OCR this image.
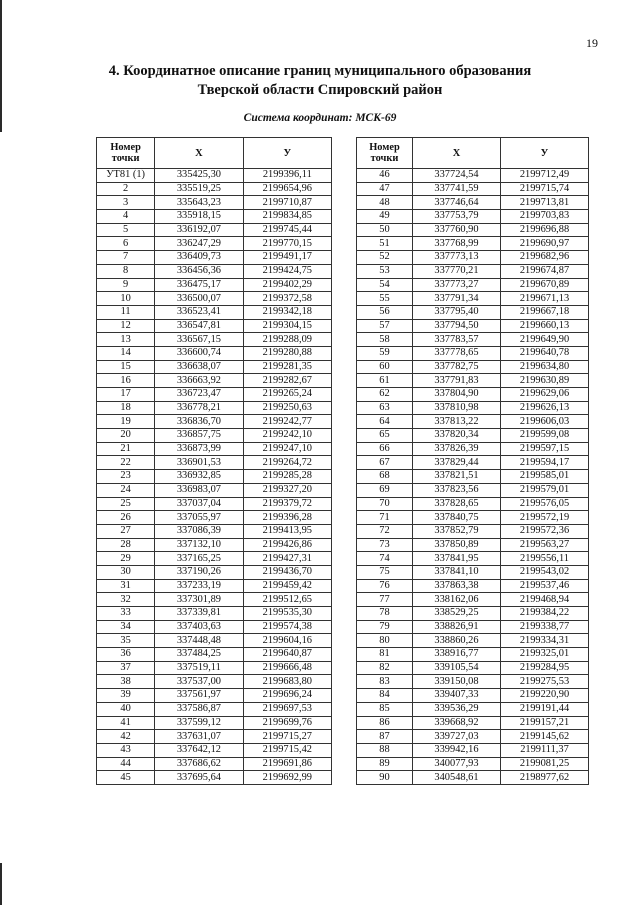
19
4. Координатное описание границ муниципального образования
Тверской области Спировский район
Система координат: МСК-69
Номер
точки	X	У
УТ81 (1)	335425,30	2199396,11
2	335519,25	2199654,96
3	335643,23	2199710,87
4	335918,15	2199834,85
5	336192,07	2199745,44
6	336247,29	2199770,15
7	336409,73	2199491,17
8	336456,36	2199424,75
9	336475,17	2199402,29
10	336500,07	2199372,58
11	336523,41	2199342,18
12	336547,81	2199304,15
13	336567,15	2199288,09
14	336600,74	2199280,88
15	336638,07	2199281,35
16	336663,92	2199282,67
17	336723,47	2199265,24
18	336778,21	2199250,63
19	336836,70	2199242,77
20	336857,75	2199242,10
21	336873,99	2199247,10
22	336901,53	2199264,72
23	336932,85	2199285,28
24	336983,07	2199327,20
25	337037,04	2199379,72
26	337055,97	2199396,28
27	337086,39	2199413,95
28	337132,10	2199426,86
29	337165,25	2199427,31
30	337190,26	2199436,70
31	337233,19	2199459,42
32	337301,89	2199512,65
33	337339,81	2199535,30
34	337403,63	2199574,38
35	337448,48	2199604,16
36	337484,25	2199640,87
37	337519,11	2199666,48
38	337537,00	2199683,80
39	337561,97	2199696,24
40	337586,87	2199697,53
41	337599,12	2199699,76
42	337631,07	2199715,27
43	337642,12	2199715,42
44	337686,62	2199691,86
45	337695,64	2199692,99
Номер
точки	X	У
46	337724,54	2199712,49
47	337741,59	2199715,74
48	337746,64	2199713,81
49	337753,79	2199703,83
50	337760,90	2199696,88
51	337768,99	2199690,97
52	337773,13	2199682,96
53	337770,21	2199674,87
54	337773,27	2199670,89
55	337791,34	2199671,13
56	337795,40	2199667,18
57	337794,50	2199660,13
58	337783,57	2199649,90
59	337778,65	2199640,78
60	337782,75	2199634,80
61	337791,83	2199630,89
62	337804,90	2199629,06
63	337810,98	2199626,13
64	337813,22	2199606,03
65	337820,34	2199599,08
66	337826,39	2199597,15
67	337829,44	2199594,17
68	337821,51	2199585,01
69	337823,56	2199579,01
70	337828,65	2199576,05
71	337840,75	2199572,19
72	337852,79	2199572,36
73	337850,89	2199563,27
74	337841,95	2199556,11
75	337841,10	2199543,02
76	337863,38	2199537,46
77	338162,06	2199468,94
78	338529,25	2199384,22
79	338826,91	2199338,77
80	338860,26	2199334,31
81	338916,77	2199325,01
82	339105,54	2199284,95
83	339150,08	2199275,53
84	339407,33	2199220,90
85	339536,29	2199191,44
86	339668,92	2199157,21
87	339727,03	2199145,62
88	339942,16	2199111,37
89	340077,93	2199081,25
90	340548,61	2198977,62
